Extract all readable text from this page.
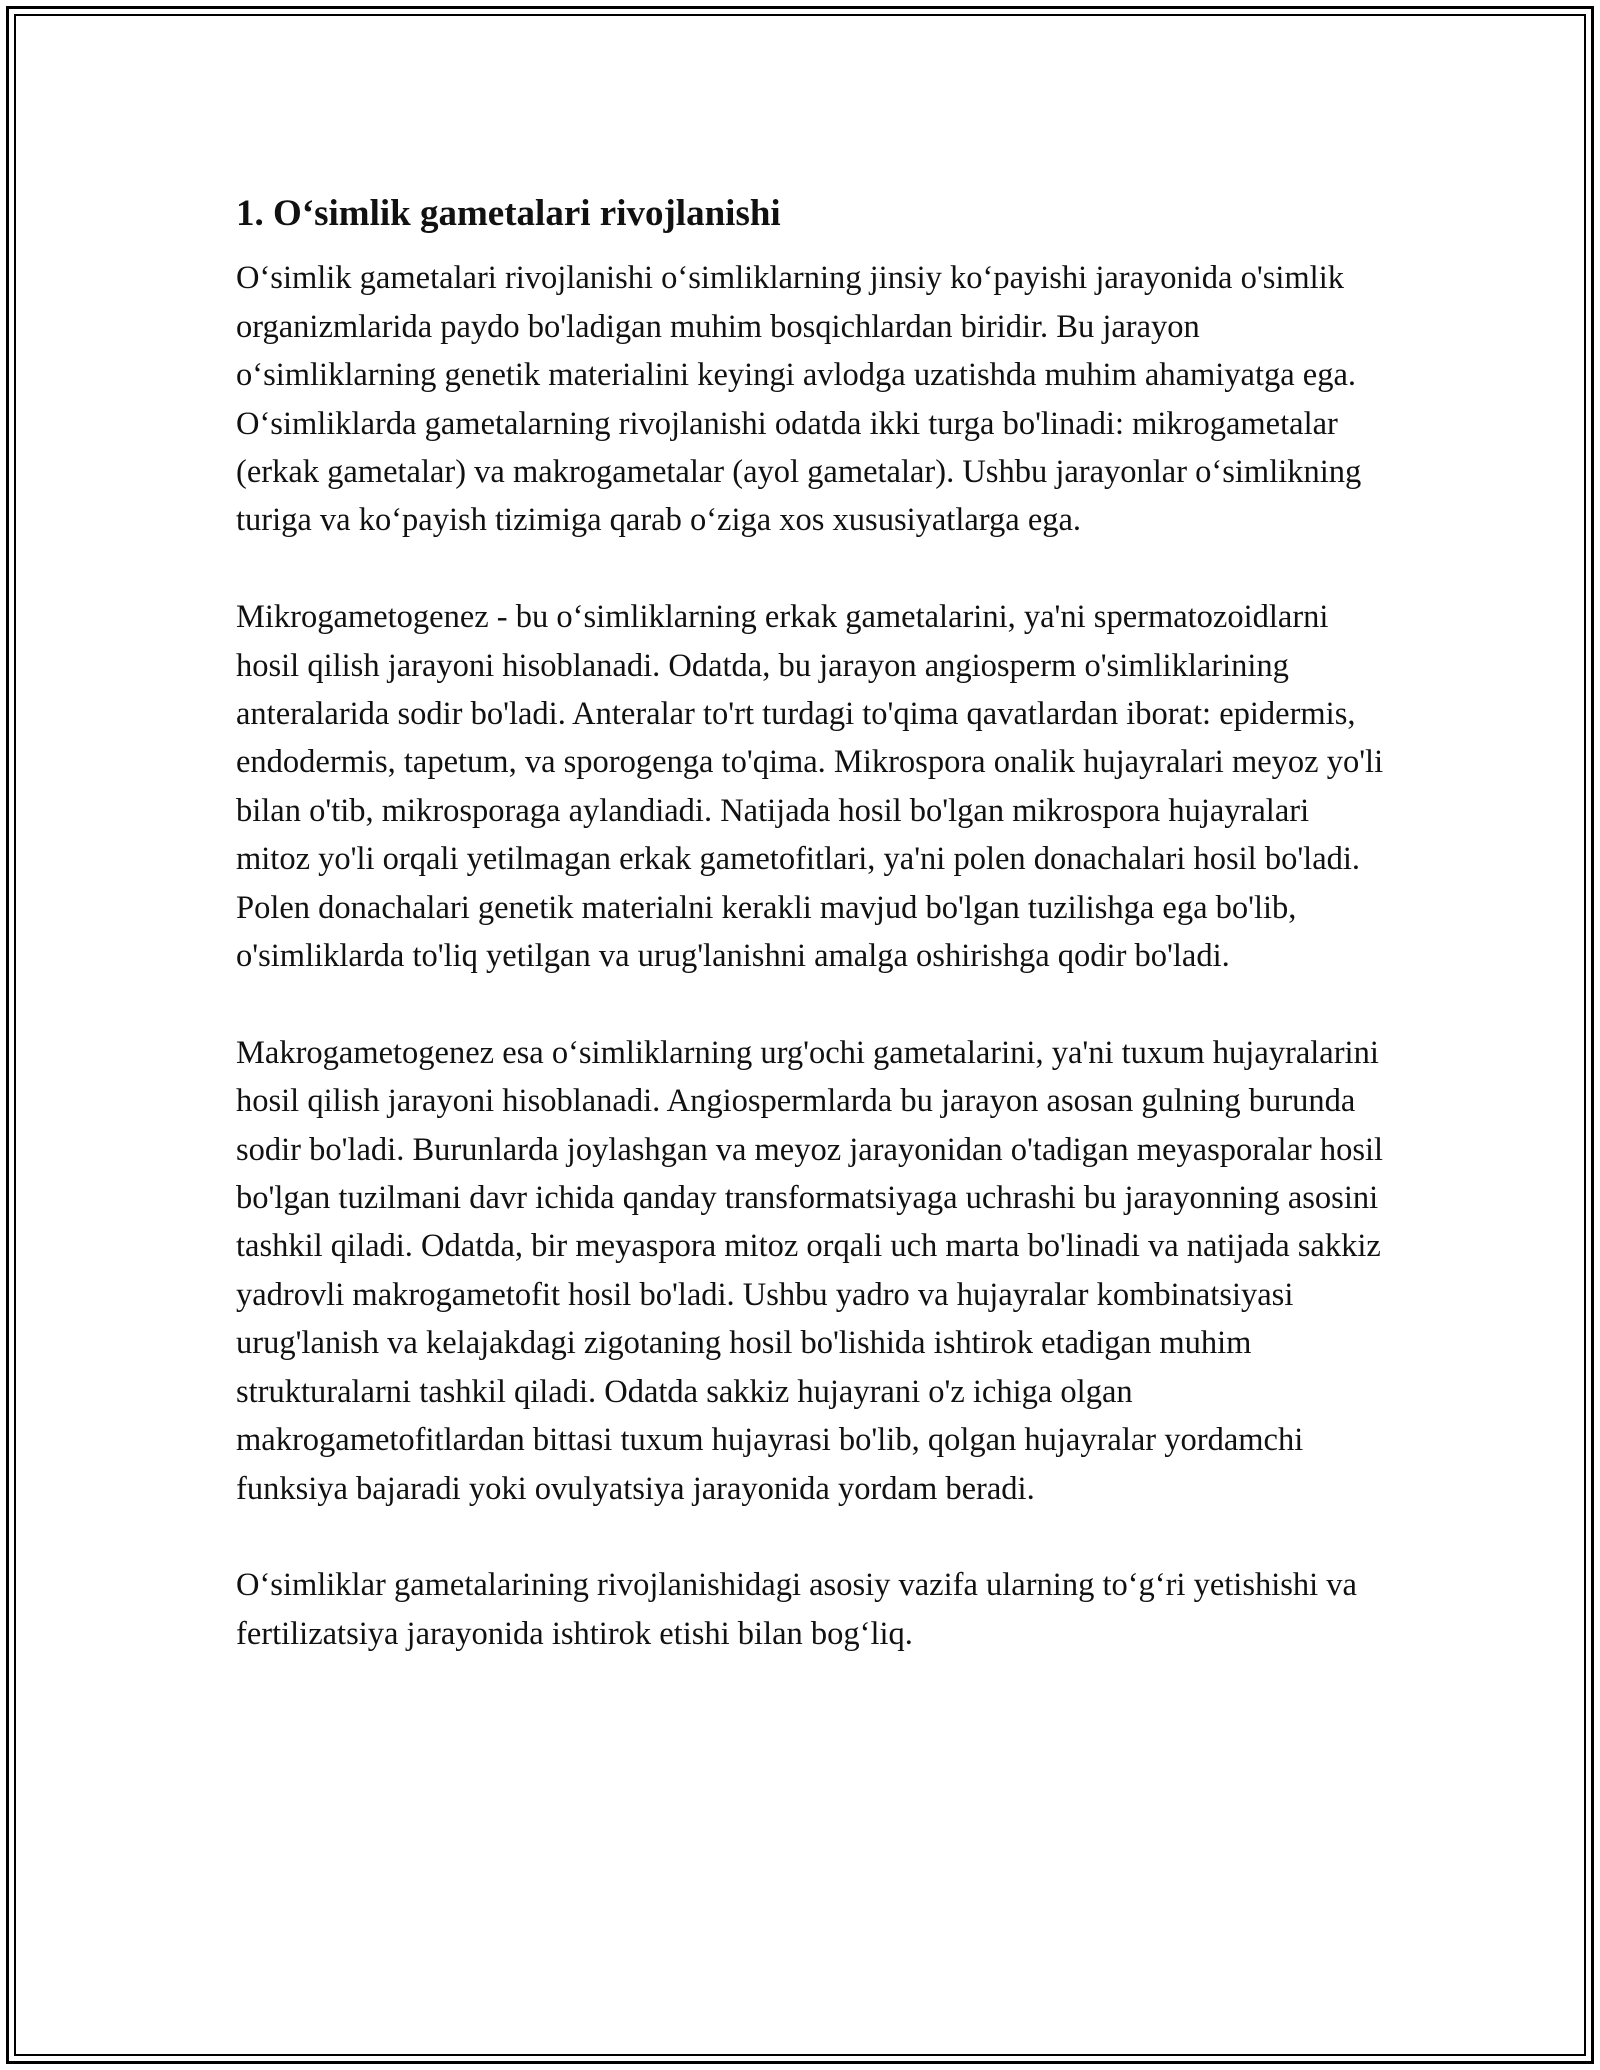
1. O‘simlik gametalari rivojlanishi

O‘simlik gametalari rivojlanishi o‘simliklarning jinsiy ko‘payishi jarayonida o'simlik organizmlarida paydo bo'ladigan muhim bosqichlardan biridir. Bu jarayon o‘simliklarning genetik materialini keyingi avlodga uzatishda muhim ahamiyatga ega. O‘simliklarda gametalarning rivojlanishi odatda ikki turga bo'linadi: mikrogametalar (erkak gametalar) va makrogametalar (ayol gametalar). Ushbu jarayonlar o‘simlikning turiga va ko‘payish tizimiga qarab o‘ziga xos xususiyatlarga ega.

Mikrogametogenez - bu o‘simliklarning erkak gametalarini, ya'ni spermatozoidlarni hosil qilish jarayoni hisoblanadi. Odatda, bu jarayon angiosperm o'simliklarining anteralarida sodir bo'ladi. Anteralar to'rt turdagi to'qima qavatlardan iborat: epidermis, endodermis, tapetum, va sporogenga to'qima. Mikrospora onalik hujayralari meyoz yo'li bilan o'tib, mikrosporaga aylandiadi. Natijada hosil bo'lgan mikrospora hujayralari mitoz yo'li orqali yetilmagan erkak gametofitlari, ya'ni polen donachalari hosil bo'ladi. Polen donachalari genetik materialni kerakli mavjud bo'lgan tuzilishga ega bo'lib, o'simliklarda to'liq yetilgan va urug'lanishni amalga oshirishga qodir bo'ladi.

Makrogametogenez esa o‘simliklarning urg'ochi gametalarini, ya'ni tuxum hujayralarini hosil qilish jarayoni hisoblanadi. Angiospermlarda bu jarayon asosan gulning burunda sodir bo'ladi. Burunlarda joylashgan va meyoz jarayonidan o'tadigan meyasporalar hosil bo'lgan tuzilmani davr ichida qanday transformatsiyaga uchrashi bu jarayonning asosini tashkil qiladi. Odatda, bir meyaspora mitoz orqali uch marta bo'linadi va natijada sakkiz yadrovli makrogametofit hosil bo'ladi. Ushbu yadro va hujayralar kombinatsiyasi urug'lanish va kelajakdagi zigotaning hosil bo'lishida ishtirok etadigan muhim strukturalarni tashkil qiladi. Odatda sakkiz hujayrani o'z ichiga olgan makrogametofitlardan bittasi tuxum hujayrasi bo'lib, qolgan hujayralar yordamchi funksiya bajaradi yoki ovulyatsiya jarayonida yordam beradi.

O‘simliklar gametalarining rivojlanishidagi asosiy vazifa ularning to‘g‘ri yetishishi va fertilizatsiya jarayonida ishtirok etishi bilan bog‘liq.
